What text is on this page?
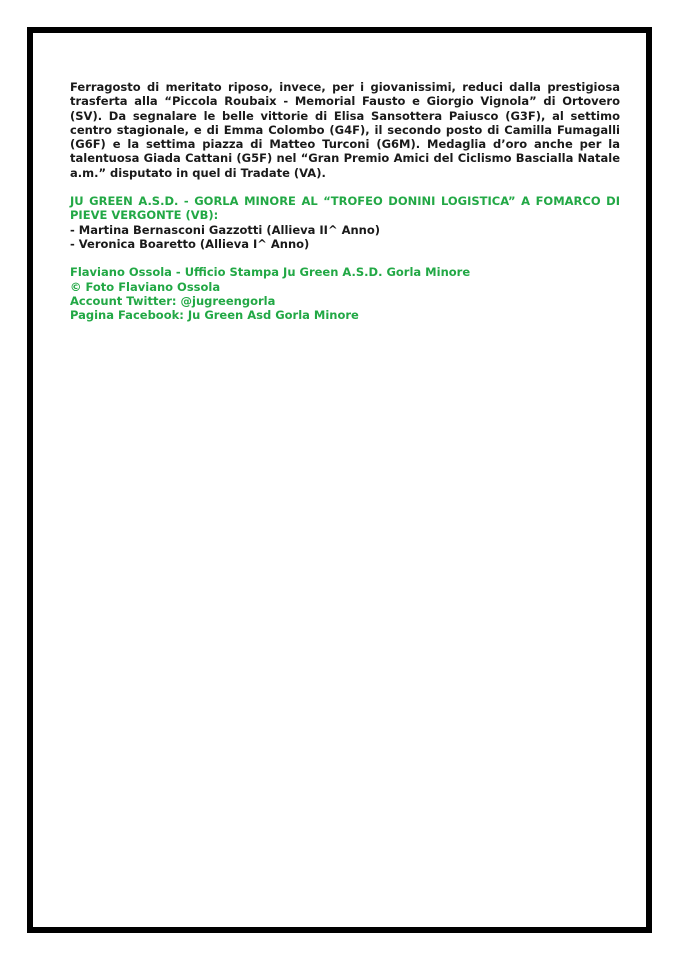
Ferragosto di meritato riposo, invece, per i giovanissimi, reduci dalla prestigiosa trasferta alla “Piccola Roubaix - Memorial Fausto e Giorgio Vignola” di Ortovero (SV). Da segnalare le belle vittorie di Elisa Sansottera Paiusco (G3F), al settimo centro stagionale, e di Emma Colombo (G4F), il secondo posto di Camilla Fumagalli (G6F) e la settima piazza di Matteo Turconi (G6M). Medaglia d’oro anche per la talentuosa Giada Cattani (G5F) nel “Gran Premio Amici del Ciclismo Bascialla Natale a.m.” disputato in quel di Tradate (VA).

JU GREEN A.S.D. - GORLA MINORE AL “TROFEO DONINI LOGISTICA” A FOMARCO DI PIEVE VERGONTE (VB):
- Martina Bernasconi Gazzotti (Allieva II^ Anno)
- Veronica Boaretto (Allieva I^ Anno)
Flaviano Ossola - Ufficio Stampa Ju Green A.S.D. Gorla Minore
© Foto Flaviano Ossola
Account Twitter: @jugreengorla
Pagina Facebook: Ju Green Asd Gorla Minore
